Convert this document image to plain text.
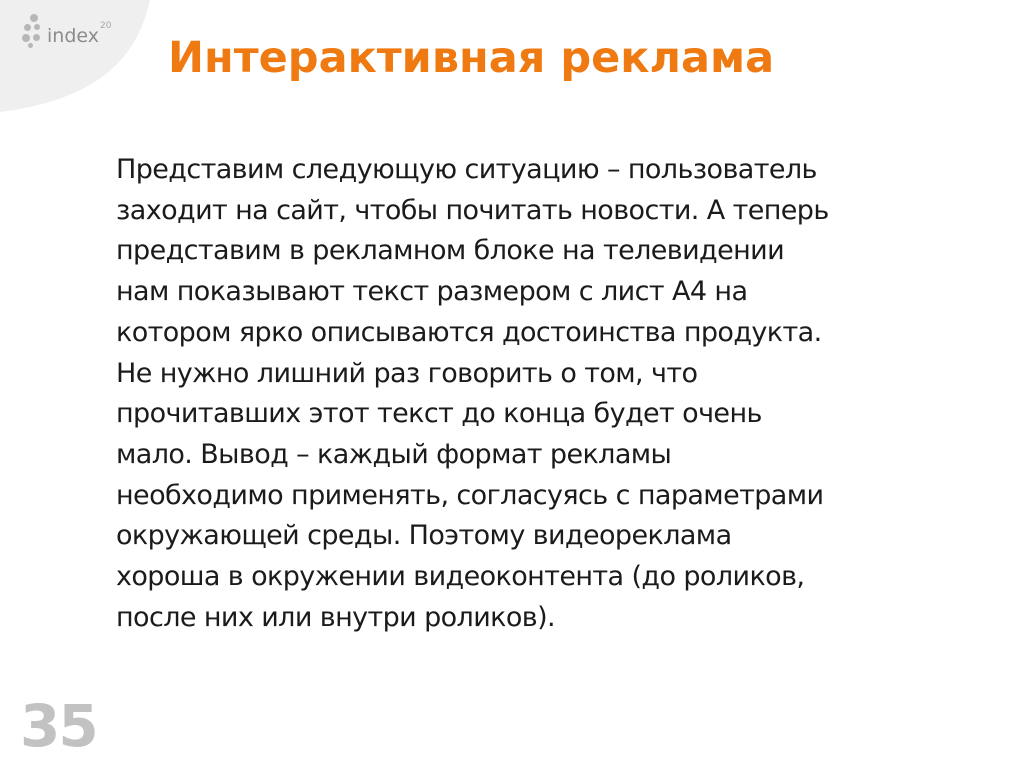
index 20
Интерактивная реклама
Представим следующую ситуацию – пользователь
заходит на сайт, чтобы почитать новости. А теперь
представим в рекламном блоке на телевидении
нам показывают текст размером с лист А4 на
котором ярко описываются достоинства продукта.
Не нужно лишний раз говорить о том, что
прочитавших этот текст до конца будет очень
мало. Вывод – каждый формат рекламы
необходимо применять, согласуясь с параметрами
окружающей среды. Поэтому видеореклама
хороша в окружении видеоконтента (до роликов,
после них или внутри роликов).
35
